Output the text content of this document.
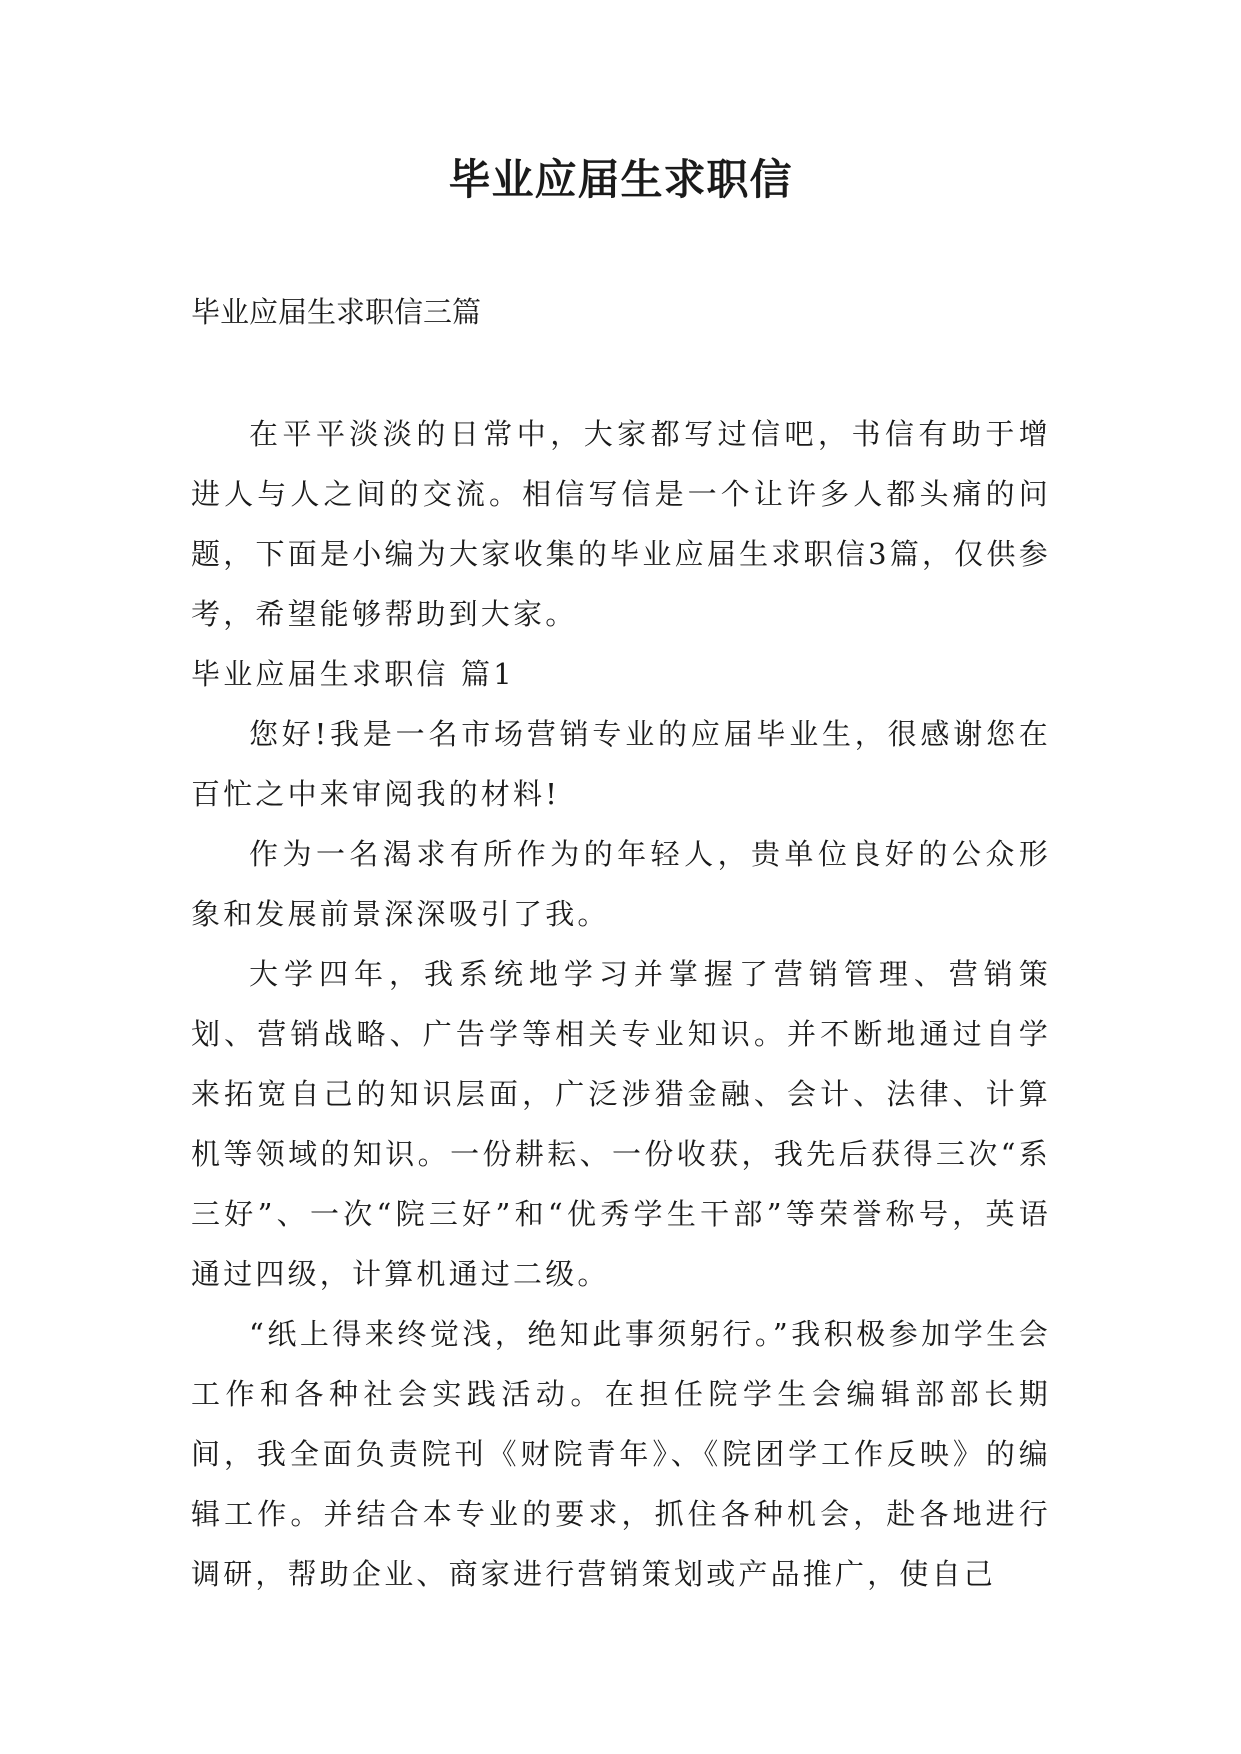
毕业应届生求职信
毕业应届生求职信三篇

在平平淡淡的日常中，大家都写过信吧，书信有助于增进人与人之间的交流。相信写信是一个让许多人都头痛的问题，下面是小编为大家收集的毕业应届生求职信3篇，仅供参考，希望能够帮助到大家。

毕业应届生求职信 篇1

您好!我是一名市场营销专业的应届毕业生，很感谢您在百忙之中来审阅我的材料!

作为一名渴求有所作为的年轻人，贵单位良好的公众形象和发展前景深深吸引了我。

大学四年，我系统地学习并掌握了营销管理、营销策划、营销战略、广告学等相关专业知识。并不断地通过自学来拓宽自己的知识层面，广泛涉猎金融、会计、法律、计算机等领域的知识。一份耕耘、一份收获，我先后获得三次“系三好”、一次“院三好”和“优秀学生干部”等荣誉称号，英语通过四级，计算机通过二级。

“纸上得来终觉浅，绝知此事须躬行。”我积极参加学生会工作和各种社会实践活动。在担任院学生会编辑部部长期间，我全面负责院刊《财院青年》、《院团学工作反映》的编辑工作。并结合本专业的要求，抓住各种机会，赴各地进行调研，帮助企业、商家进行营销策划或产品推广，使自己
